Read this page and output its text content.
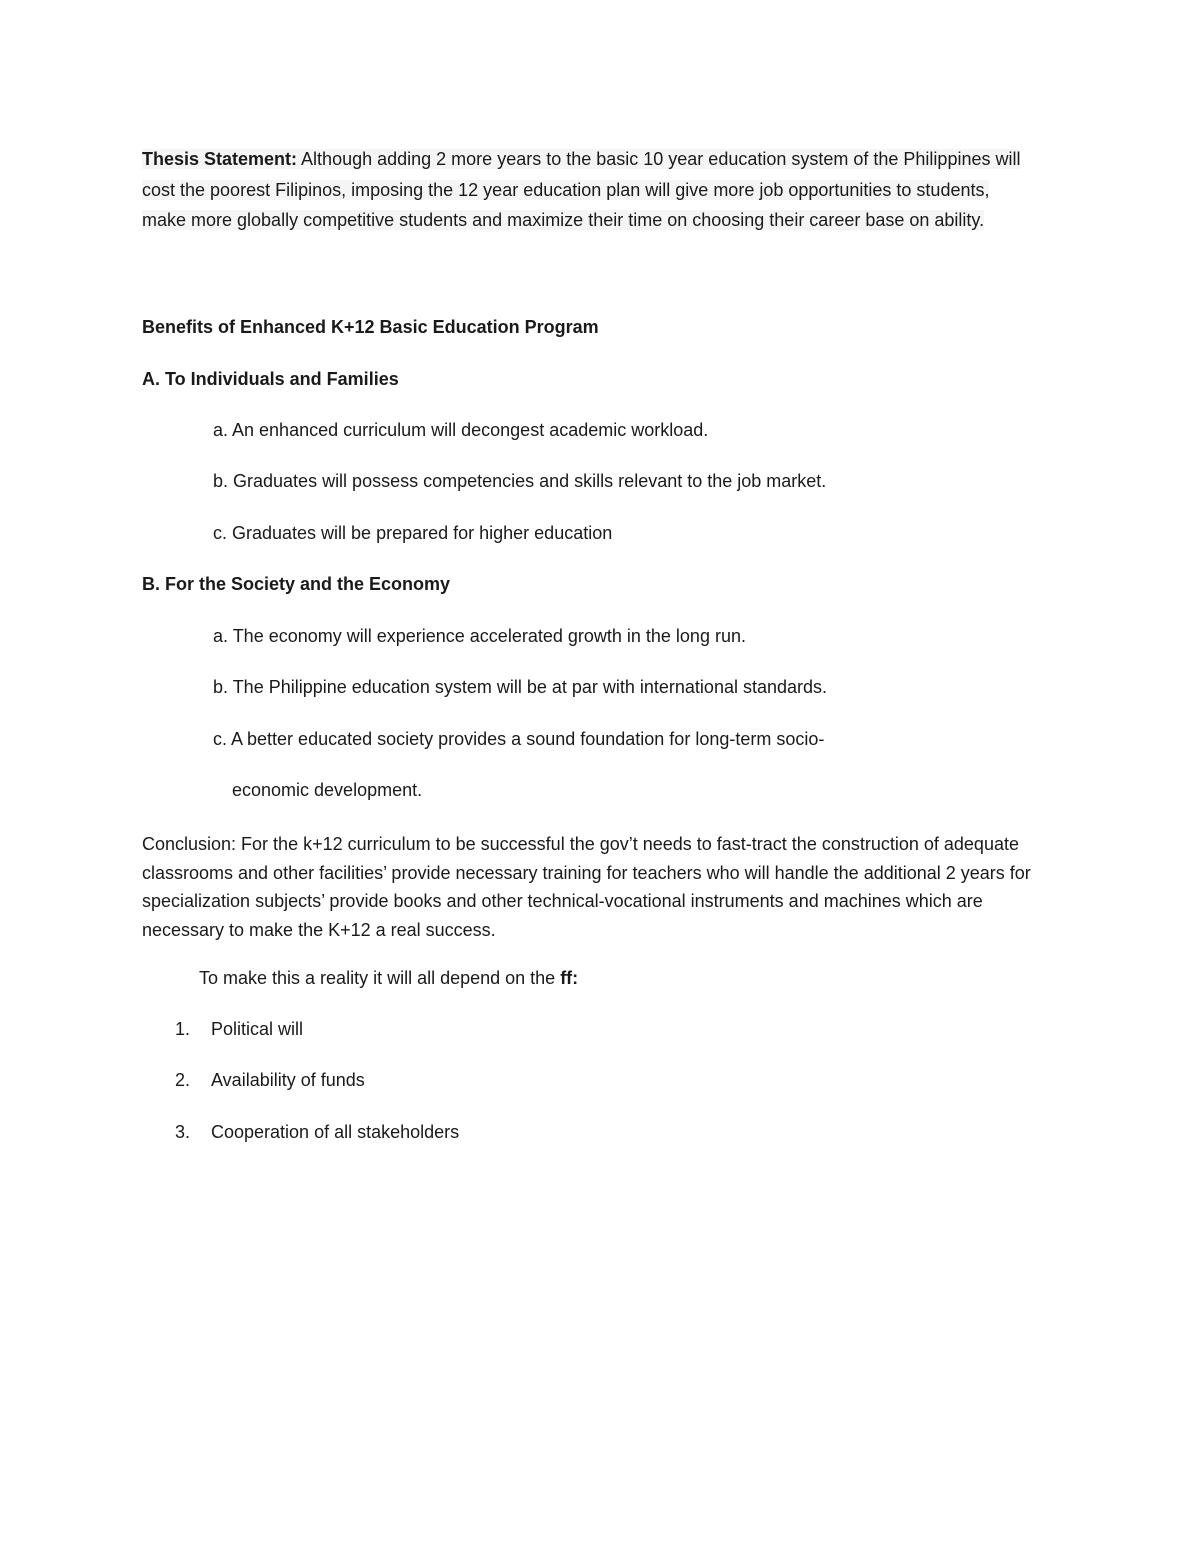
Thesis Statement: Although adding 2 more years to the basic 10 year education system of the Philippines will cost the poorest Filipinos, imposing the 12 year education plan will give more job opportunities to students, make more globally competitive students and maximize their time on choosing their career base on ability.
Benefits of Enhanced K+12 Basic Education Program
A. To Individuals and Families
a. An enhanced curriculum will decongest academic workload.
b. Graduates will possess competencies and skills relevant to the job market.
c. Graduates will be prepared for higher education
B. For the Society and the Economy
a. The economy will experience accelerated growth in the long run.
b. The Philippine education system will be at par with international standards.
c. A better educated society provides a sound foundation for long-term socio-
economic development.
Conclusion: For the k+12 curriculum to be successful the gov’t needs to fast-tract the construction of adequate classrooms and other facilities’ provide necessary training for teachers who will handle the additional 2 years for specialization subjects’ provide books and other technical-vocational instruments and machines which are necessary to make the K+12 a real success.
To make this a reality it will all depend on the ff:
1. Political will
2. Availability of funds
3. Cooperation of all stakeholders
